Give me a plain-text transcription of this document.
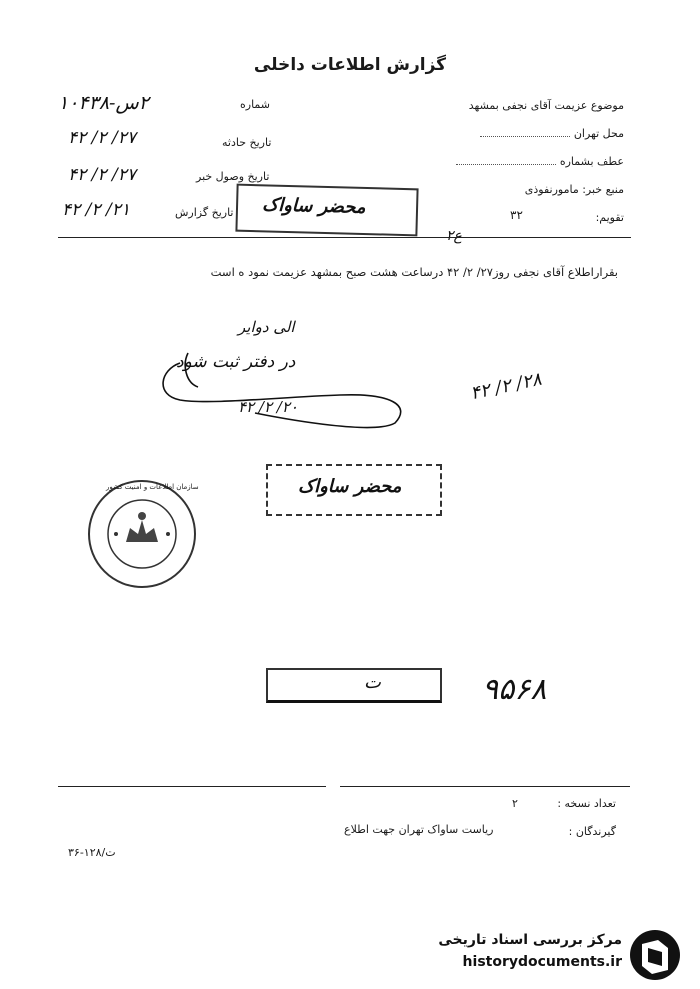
گزارش اطلاعات داخلی
شماره
۲س-۱۰۴۳۸
تاریخ حادثه
۲۷/ ۲/ ۴۲
تاریخ وصول خبر
۲۷/ ۲/ ۴۲
تاریخ گزارش
۲۱/ ۲/ ۴۲
موضوع عزیمت آقای نجفی بمشهد
محل تهران
عطف بشماره
منبع خبر: مامورنفوذی
تقویم:
۳۲
محضر ساواک
ع۲
بقراراطلاع آقای نجفی روز۲۷/ ۲/ ۴۲ درساعت هشت صبح بمشهد عزیمت نمود ه است
الی دوایر
در دفتر ثبت شود
۲۰/ ۲/ ۴۲
۲۸/ ۲/ ۴۲
سازمان اطلاعات و امنیت کشور	محضر ساواک
ت	۹۵۶۸
تعداد نسخه :
۲
گیرندگان :
ریاست ساواک تهران جهت اطلاع
۳۶-۱۲۸/ت
مرکز بررسی اسناد تاریخی
historydocuments.ir
